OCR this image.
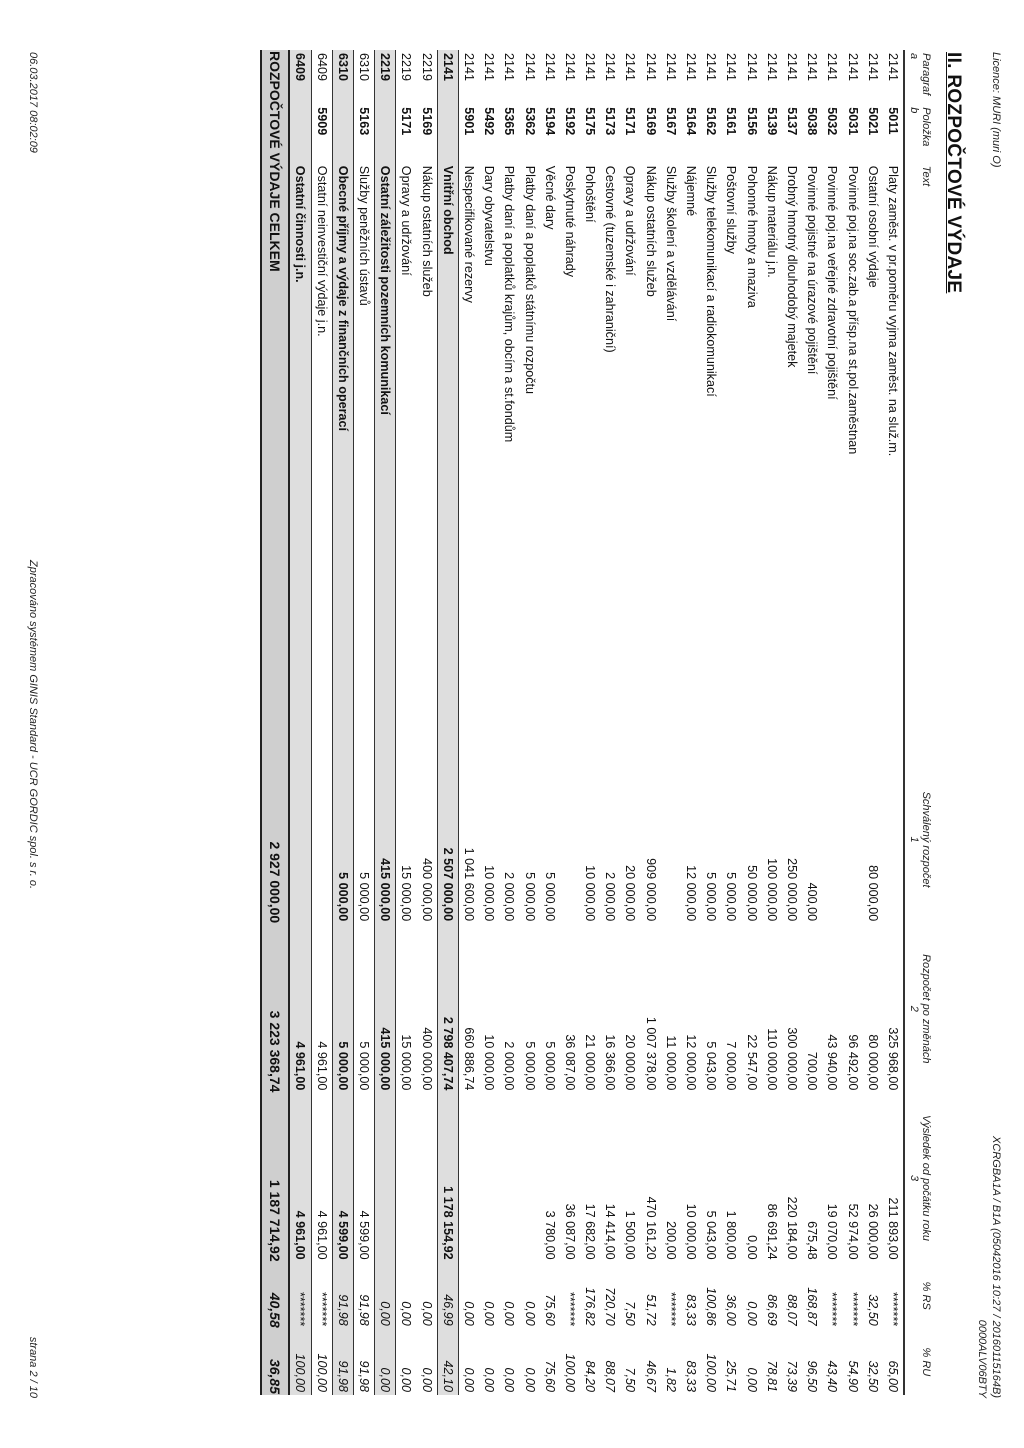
Licence: MURI (muri O)
XCRGBA1A / B1A (05042016 10:27 / 20160115164B)
0000ALV06BTY
II. ROZPOČTOVÉ VÝDAJE
Paragraf	Položka	Text	Schválený rozpočet	Rozpočet po změnách	Výsledek od počátku roku	% RS	% RU
a	b		1	2	3		
2141	5011	Platy zaměst. v pr.poměru vyjma zaměst. na služ.m.		325 968,00	211 893,00	*******	65,00
2141	5021	Ostatní osobní výdaje	80 000,00	80 000,00	26 000,00	32,50	32,50
2141	5031	Povinné poj.na soc.zab.a přísp.na st.pol.zaměstnan		96 492,00	52 974,00	*******	54,90
2141	5032	Povinné poj.na veřejné zdravotní pojištění		43 940,00	19 070,00	*******	43,40
2141	5038	Povinné pojistné na úrazové pojištění	400,00	700,00	675,48	168,87	96,50
2141	5137	Drobný hmotný dlouhodobý majetek	250 000,00	300 000,00	220 184,00	88,07	73,39
2141	5139	Nákup materiálu j.n.	100 000,00	110 000,00	86 691,24	86,69	78,81
2141	5156	Pohonné hmoty a maziva	50 000,00	22 547,00	0,00	0,00	0,00
2141	5161	Poštovní služby	5 000,00	7 000,00	1 800,00	36,00	25,71
2141	5162	Služby telekomunikací a radiokomunikací	5 000,00	5 043,00	5 043,00	100,86	100,00
2141	5164	Nájemné	12 000,00	12 000,00	10 000,00	83,33	83,33
2141	5167	Služby školení a vzdělávání		11 000,00	200,00	*******	1,82
2141	5169	Nákup ostatních služeb	909 000,00	1 007 378,00	470 161,20	51,72	46,67
2141	5171	Opravy a udržování	20 000,00	20 000,00	1 500,00	7,50	7,50
2141	5173	Cestovné (tuzemské i zahraniční)	2 000,00	16 366,00	14 414,00	720,70	88,07
2141	5175	Pohoštění	10 000,00	21 000,00	17 682,00	176,82	84,20
2141	5192	Poskytnuté náhrady		36 087,00	36 087,00	*******	100,00
2141	5194	Věcné dary	5 000,00	5 000,00	3 780,00	75,60	75,60
2141	5362	Platby daní a poplatků státnímu rozpočtu	5 000,00	5 000,00		0,00	0,00
2141	5365	Platby daní a poplatků krajům, obcím a st.fondům	2 000,00	2 000,00		0,00	0,00
2141	5492	Dary obyvatelstvu	10 000,00	10 000,00		0,00	0,00
2141	5901	Nespecifikované rezervy	1 041 600,00	660 886,74		0,00	0,00
2141		Vnitřní obchod	2 507 000,00	2 798 407,74	1 178 154,92	46,99	42,10
2219	5169	Nákup ostatních služeb	400 000,00	400 000,00		0,00	0,00
2219	5171	Opravy a udržování	15 000,00	15 000,00		0,00	0,00
2219		Ostatní záležitosti pozemních komunikací	415 000,00	415 000,00		0,00	0,00
6310	5163	Služby peněžních ústavů	5 000,00	5 000,00	4 599,00	91,98	91,98
6310		Obecné příjmy a výdaje z finančních operací	5 000,00	5 000,00	4 599,00	91,98	91,98
6409	5909	Ostatní neinvestiční výdaje j.n.		4 961,00	4 961,00	*******	100,00
6409		Ostatní činnosti j.n.		4 961,00	4 961,00	*******	100,00
ROZPOČTOVÉ VÝDAJE CELKEM			2 927 000,00	3 223 368,74	1 187 714,92	40,58	36,85
06.03.2017 08:02:09
Zpracováno systémem GINIS Standard - UCR GORDIC spol. s r. o.
strana 2 / 10
